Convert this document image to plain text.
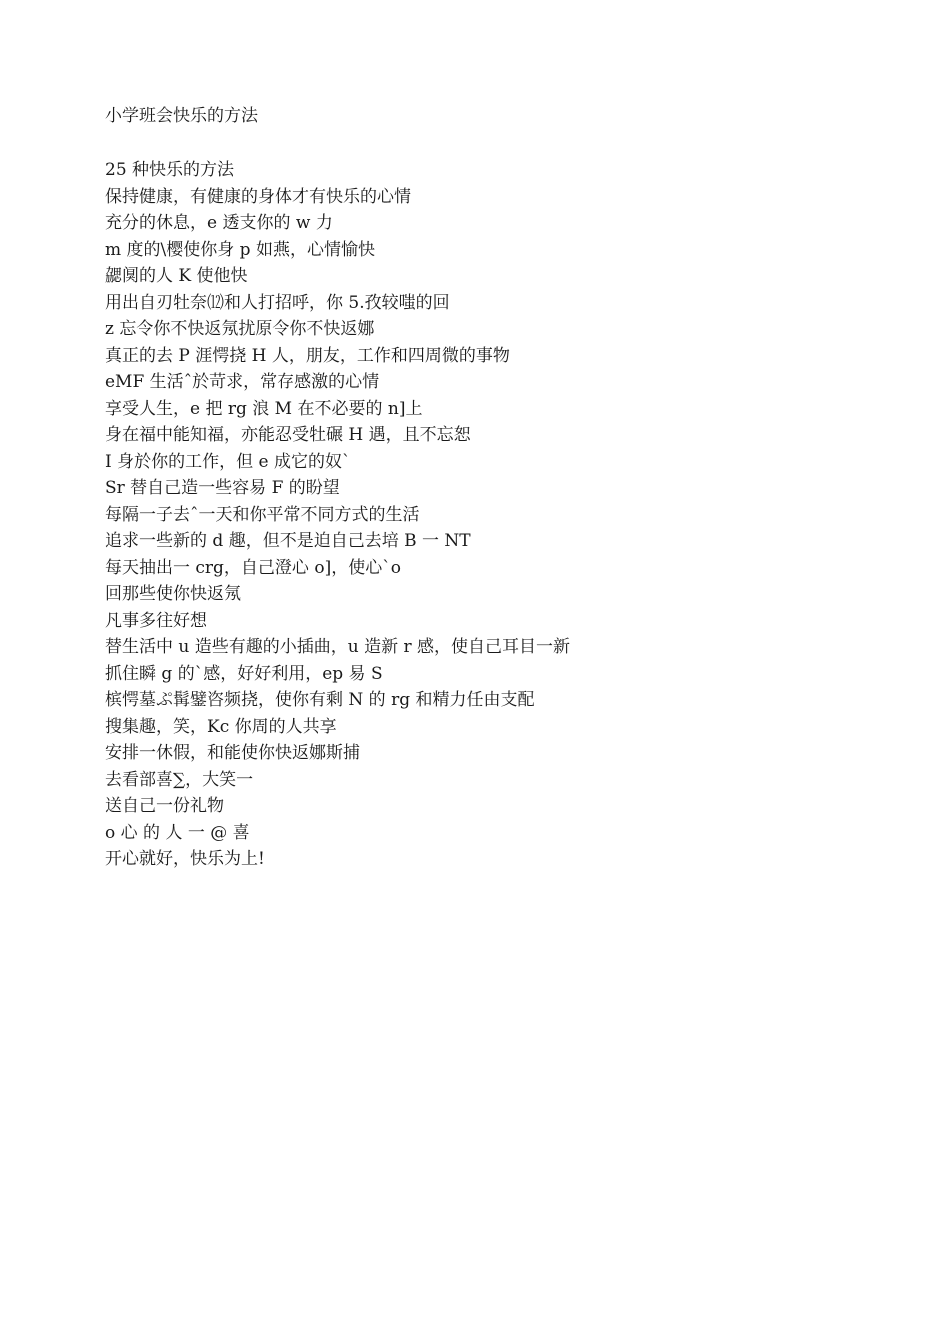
小学班会快乐的方法
25 种快乐的方法
保持健康，有健康的身体才有快乐的心情
充分的休息，e 透支你的 w 力
m 度的\樱使你身 p 如燕，心情愉快
勰阒的人 K 使他快
用出自刃牡奈⑿和人打招呼，你 5.孜较嗤的回
z 忘令你不快返氖扰原令你不快返娜
真正的去 P 涯愕挠 H 人，朋友，工作和四周微的事物
eMF 生活ˆ於苛求，常存感激的心情
享受人生，e 把 rg 浪 M 在不必要的 n]上
身在福中能知福，亦能忍受牡碾 H 遇，且不忘恕
I 身於你的工作，但 e 成它的奴`
Sr 替自己造一些容易 F 的盼望
每隔一子去ˆ一天和你平常不同方式的生活
追求一些新的 d 趣，但不是迫自己去培 B 一 NT
每天抽出一 crg，自己澄心 o]，使心`o
回那些使你快返氖
凡事多往好想
替生活中 u 造些有趣的小插曲，u 造新 r 感，使自己耳目一新
抓住瞬 g 的`感，好好利用，ep 易 S
槟愕墓ぷ髯鐾咨频挠，使你有剩 N 的 rg 和精力任由支配
搜集趣，笑，Kc 你周的人共享
安排一休假，和能使你快返娜斯捕
去看部喜∑，大笑一
送自己一份礼物
o 心 的 人 一 @ 喜
开心就好，快乐为上!
